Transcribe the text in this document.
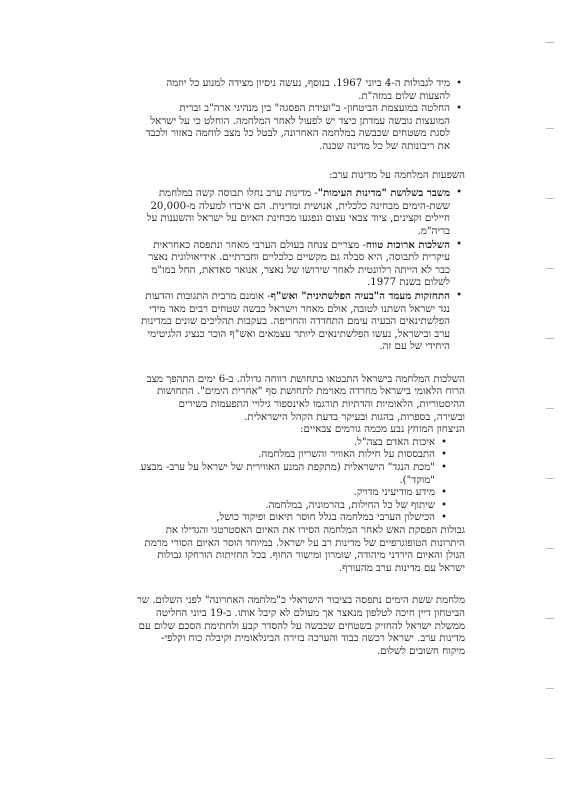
• מיד לגבולות ה-4 ביוני 1967. בנוסף, נעשה ניסיון מצידה למנוע כל יוזמה
להצעות שלום במזה"ת.
• החלטה במועצמת הביטחון- ב"ועידת הפסגה" בין מנהיגי ארה"ב וברית
המועצות גובשה עמדתן כיצד יש לפעול לאחר המלחמה. הוחלט כי על ישראל
לסגת משטחים שכבשה במלחמה האחרונה, לבטל כל מצב לוחמה באזור ולכבד
את ריבונותה של כל מדינה שכנה.

השפעות המלחמה על מדינות ערב:

• משבר בשלושת "מדינות העימות"- מדינות ערב נחלו תבוסה קשה במלחמת
ששת-הימים מבחינה כלכלית, אנושית ומדינית. הם איבדו למעלה מ-20,000
חיילים וקצינים, ציוד צבאי עצום ונפגעו מבחינת האיום על ישראל והשענות על
בריה"מ.
• השלכות ארוכות טווח- מצריים צנחה בעולם הערבי מאחר ונתפסה כאחראית
עיקרית לתבוסה, היא סבלה גם מקשיים כלכליים וחברתיים. אידיאולוגית נאצר
כבר לא הייתה רלוונטית לאחר שירושו של נאצר, אנואר סאדאת, החל במו"מ
לשלום בשנת 1977.
• התחזקות מעמד ה"בעיה הפלשתינית" ואש"ף- אומנם מרבית התגובות והדעות
נגד ישראל השתנו לטובה, אולם מאחר וישראל כבשה שטחים רבים מאד מידי
הפלשתינאים הבעיה עימם התחדדה והחריפה. בעקבות תהליכים שונים במדינות
ערב ובישראל, נעשו הפלשתינאים ליותר עצמאים ואש"ף הוכר כנציג הלגיטימי
היחידי של עם זה.
השלכות המלחמה בישראל התבטאו בתחושת רווחה גדולה. ב-6 ימים התהפך מצב
הרוח הלאומי בישראל מחרדה מאוימת לתחושת סף "אחרית הימים". התחושות
ההיסטוריות, הלאומיות והדתיות תורגמו לאינספור גילויי התפעמות בשירים
ובשירה, בספרות, בהגות ובעיקר בדעת הקהל הישראלית.
הניצחון המוחץ נבע מכמה גורמים צבאיים:
• איכות האדם בצה"ל.
• התבססות על חילות האוויר והשריון במלחמה.
• "מכת הנגד" הישראלית (מתקפת המנע האווירית של ישראל על ערב- מבצע
"מוקד").
• מידע מודיעיני מדויק.
• שיתוף של כל החילות, בהרמוניה, במלחמה.
• הכישלון הערבי במלחמה בגלל חוסר תיאום ופיקוד כושל,
גבולות הפסקת האש לאחר המלחמה הסירו את האיום האסטרטגי והגדילו את
היתרונות הטופוגרפיים של מדינות רב על ישראל. במיוחד הוסר האיום הסורי מרמת
הגולן והאיום הירדני מיהודה, שומרון ומישור החוף. בכל החזיתות הורחקו גבולות
ישראל עם מדינות ערב מהעורף.
מלחמת ששת הימים נתפסה בציבור הישראלי כ"מלחמה האחרונה" לפני השלום. שר
הביטחון דיין חיכה לטלפון מנאצר אך מעולם לא קיבל אותו. ב-19 ביוני החליטה
ממשלת ישראל להחזיק בשטחים שכבשה על להסדר קבע ולחתימת הסכם שלום עם
מדינות ערב. ישראל רכשה כבוד והערכה בזירה הבינלאומית וקיבלה כוח וקלפי-
מיקוח חשובים לשלום.
